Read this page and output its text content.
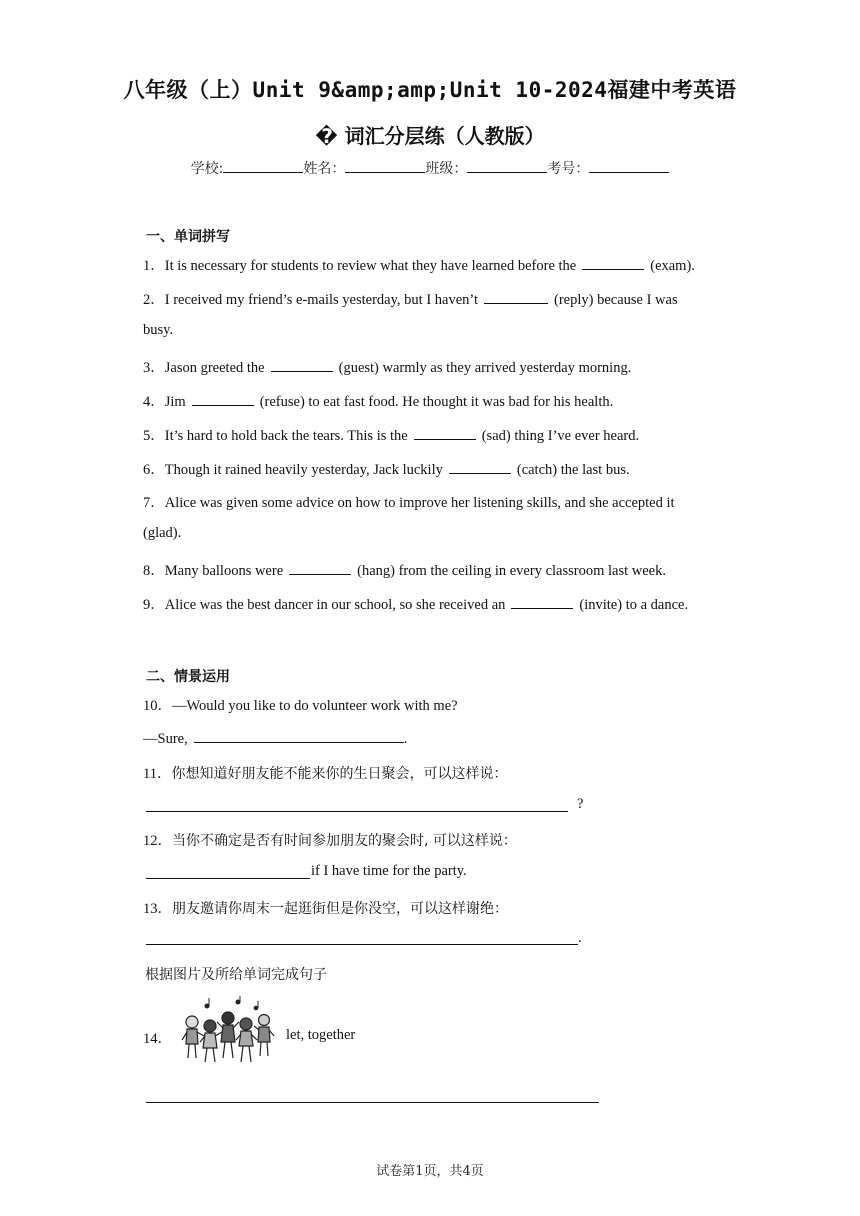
八年级（上）Unit 9&amp;amp;Unit 10-2024福建中考英语
� 词汇分层练（人教版）
学校:	姓名：	班级：	考号：
一、单词拼写
1．It is necessary for students to review what they have learned before the	(exam).
2．I received my friend’s e-mails yesterday, but I haven’t	(reply) because I was
busy.
3．Jason greeted the	(guest) warmly as they arrived yesterday morning.
4．Jim	(refuse) to eat fast food. He thought it was bad for his health.
5．It’s hard to hold back the tears. This is the	(sad) thing I’ve ever heard.
6．Though it rained heavily yesterday, Jack luckily	(catch) the last bus.
7．Alice was given some advice on how to improve her listening skills, and she accepted it
(glad).
8．Many balloons were	(hang) from the ceiling in every classroom last week.
9．Alice was the best dancer in our school, so she received an	(invite) to a dance.
二、情景运用
10．—Would you like to do volunteer work with me?
—Sure,	.
11．你想知道好朋友能不能来你的生日聚会，可以这样说：
?
12．当你不确定是否有时间参加朋友的聚会时, 可以这样说：
if I have time for the party.
13．朋友邀请你周末一起逛街但是你没空，可以这样谢绝：
.
根据图片及所给单词完成句子
14．	let, together
试卷第1页，共4页
